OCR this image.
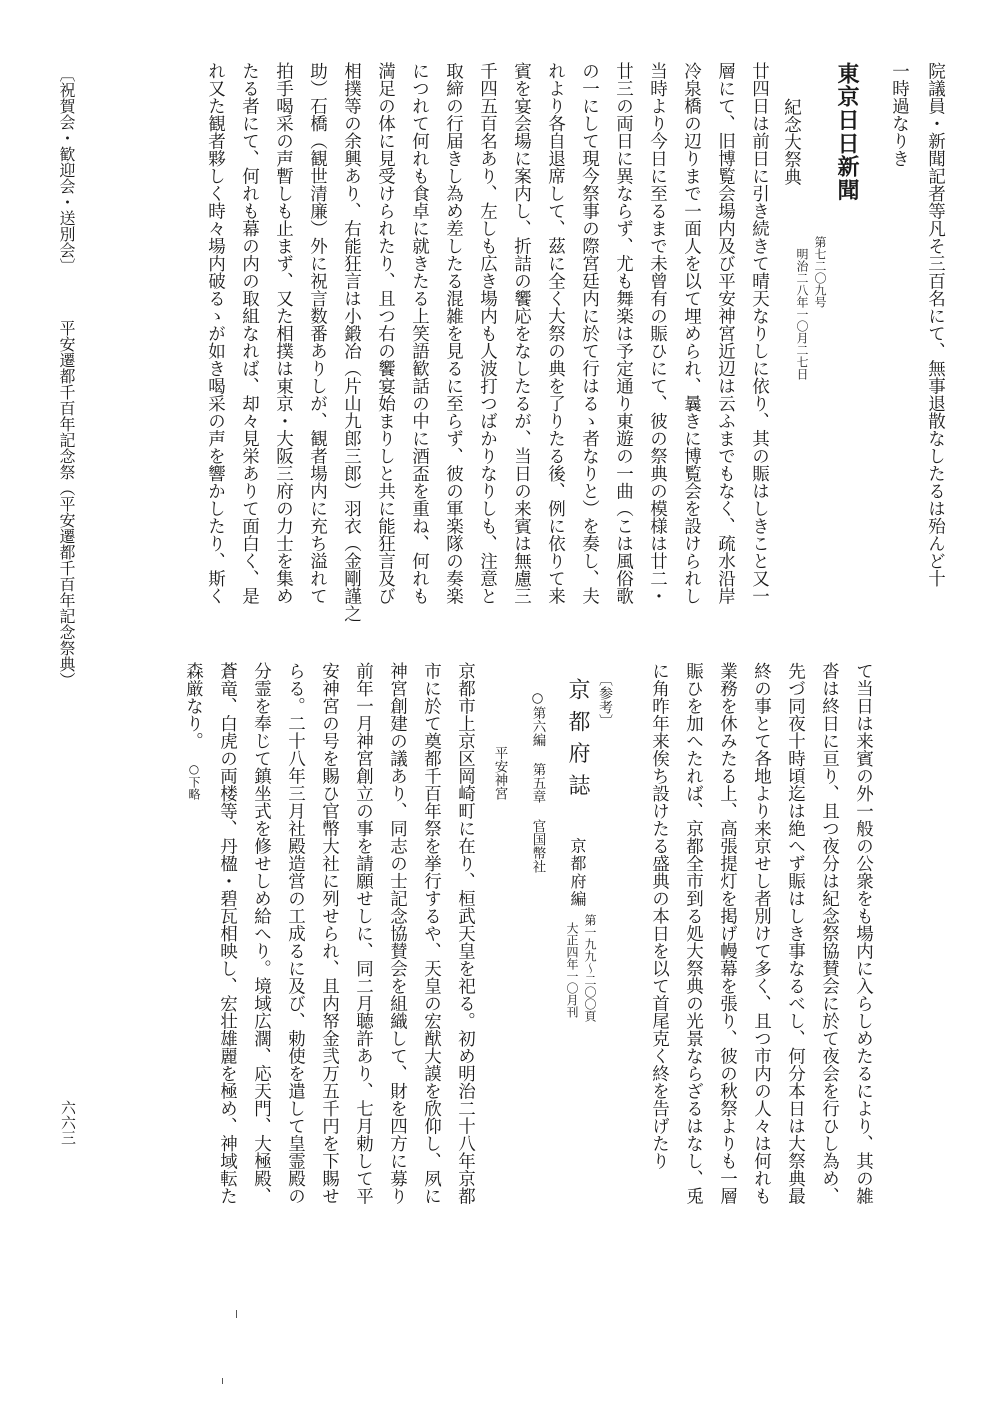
院議員・新聞記者等凡そ三百名にて、無事退散なしたるは殆んど十
一時過なりき
東京日日新聞
第七二〇九号
明治二八年一〇月二七日
紀念大祭典
廿四日は前日に引き続きて晴天なりしに依り、其の賑はしきこと又一
層にて、旧博覧会場内及び平安神宮近辺は云ふまでもなく、疏水沿岸
冷泉橋の辺りまで一面人を以て埋められ、曩きに博覧会を設けられし
当時より今日に至るまで未曾有の賑ひにて、彼の祭典の模様は廿二・
廿三の両日に異ならず、尤も舞楽は予定通り東遊の一曲（こは風俗歌
の一にして現今祭事の際宮廷内に於て行はるゝ者なりと）を奏し、夫
れより各自退席して、茲に全く大祭の典を了りたる後、例に依りて来
賓を宴会場に案内し、折詰の饗応をなしたるが、当日の来賓は無慮三
千四五百名あり、左しも広き場内も人波打つばかりなりしも、注意と
取締の行届きし為め差したる混雑を見るに至らず、彼の軍楽隊の奏楽
につれて何れも食卓に就きたる上笑語歓話の中に酒盃を重ね、何れも
満足の体に見受けられたり、且つ右の饗宴始まりしと共に能狂言及び
相撲等の余興あり、右能狂言は小鍛冶（片山九郎三郎）羽衣（金剛謹之
助）石橋（観世清廉）外に祝言数番ありしが、観者場内に充ち溢れて
拍手喝采の声暫しも止まず、又た相撲は東京・大阪三府の力士を集め
たる者にて、何れも幕の内の取組なれば、却々見栄ありて面白く、是
れ又た観者夥しく時々場内破るゝが如き喝采の声を響かしたり、斯く
て当日は来賓の外一般の公衆をも場内に入らしめたるにより、其の雑
沓は終日に亘り、且つ夜分は紀念祭協賛会に於て夜会を行ひし為め、
先づ同夜十時頃迄は絶へず賑はしき事なるべし、何分本日は大祭典最
終の事とて各地より来京せし者別けて多く、且つ市内の人々は何れも
業務を休みたる上、高張提灯を掲げ幔幕を張り、彼の秋祭よりも一層
賑ひを加へたれば、京都全市到る処大祭典の光景ならざるはなし、兎
に角昨年来俟ち設けたる盛典の本日を以て首尾克く終を告げたり
〔参考〕
京都府誌　京都府編
第一九九〜二〇〇頁
大正四年一〇月刊
○第六編 第五章 官国幣社
平安神宮
京都市上京区岡崎町に在り、桓武天皇を祀る。初め明治二十八年京都
市に於て奠都千百年祭を挙行するや、天皇の宏猷大謨を欣仰し、夙に
神宮創建の議あり、同志の士記念協賛会を組織して、財を四方に募り
前年一月神宮創立の事を請願せしに、同二月聴許あり、七月勅して平
安神宮の号を賜ひ官幣大社に列せられ、且内帑金弐万五千円を下賜せ
らる。二十八年三月社殿造営の工成るに及び、勅使を遣して皇霊殿の
分霊を奉じて鎮坐式を修せしめ給へり。境域広濶、応天門、大極殿、
蒼竜、白虎の両楼等、丹楹・碧瓦相映し、宏壮雄麗を極め、神域転た
森厳なり。
○下略
〔祝賀会・歓迎会・送別会〕
平安遷都千百年記念祭（平安遷都千百年記念祭典）
六六三
